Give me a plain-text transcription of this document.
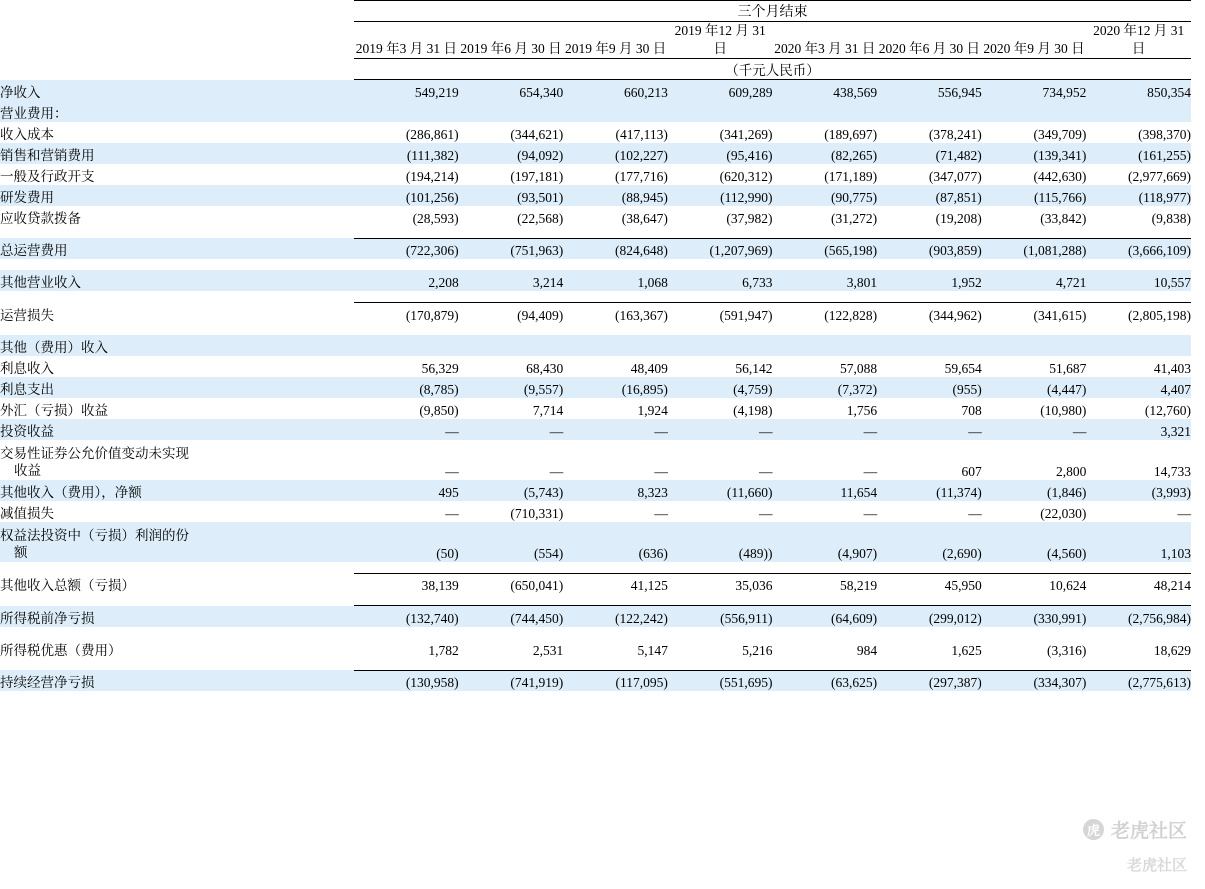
	三个月结束							
	2019 年3 月 31 日	2019 年6 月 30 日	2019 年9 月 30 日	2019 年12 月 31 日	2020 年3 月 31 日	2020 年6 月 30 日	2020 年9 月 30 日	2020 年12 月 31 日
	（千元人民币）							
净收入	549,219	654,340	660,213	609,289	438,569	556,945	734,952	850,354
营业费用：								
收入成本	(286,861)	(344,621)	(417,113)	(341,269)	(189,697)	(378,241)	(349,709)	(398,370)
销售和营销费用	(111,382)	(94,092)	(102,227)	(95,416)	(82,265)	(71,482)	(139,341)	(161,255)
一般及行政开支	(194,214)	(197,181)	(177,716)	(620,312)	(171,189)	(347,077)	(442,630)	(2,977,669)
研发费用	(101,256)	(93,501)	(88,945)	(112,990)	(90,775)	(87,851)	(115,766)	(118,977)
应收贷款拨备	(28,593)	(22,568)	(38,647)	(37,982)	(31,272)	(19,208)	(33,842)	(9,838)

总运营费用	(722,306)	(751,963)	(824,648)	(1,207,969)	(565,198)	(903,859)	(1,081,288)	(3,666,109)

其他营业收入	2,208	3,214	1,068	6,733	3,801	1,952	4,721	10,557

运营损失	(170,879)	(94,409)	(163,367)	(591,947)	(122,828)	(344,962)	(341,615)	(2,805,198)

其他（费用）收入								
利息收入	56,329	68,430	48,409	56,142	57,088	59,654	51,687	41,403
利息支出	(8,785)	(9,557)	(16,895)	(4,759)	(7,372)	(955)	(4,447)	4,407
外汇（亏损）收益	(9,850)	7,714	1,924	(4,198)	1,756	708	(10,980)	(12,760)
投资收益	—	—	—	—	—	—	—	3,321
交易性证券公允价值变动未实现
收益	—	—	—	—	—	607	2,800	14,733
其他收入（费用），净额	495	(5,743)	8,323	(11,660)	11,654	(11,374)	(1,846)	(3,993)
减值损失	—	(710,331)	—	—	—	—	(22,030)	—
权益法投资中（亏损）利润的份
额	(50)	(554)	(636)	(489))	(4,907)	(2,690)	(4,560)	1,103

其他收入总额（亏损）	38,139	(650,041)	41,125	35,036	58,219	45,950	10,624	48,214

所得税前净亏损	(132,740)	(744,450)	(122,242)	(556,911)	(64,609)	(299,012)	(330,991)	(2,756,984)

所得税优惠（费用）	1,782	2,531	5,147	5,216	984	1,625	(3,316)	18,629

持续经营净亏损	(130,958)	(741,919)	(117,095)	(551,695)	(63,625)	(297,387)	(334,307)	(2,775,613)
虎 老虎社区
老虎社区
